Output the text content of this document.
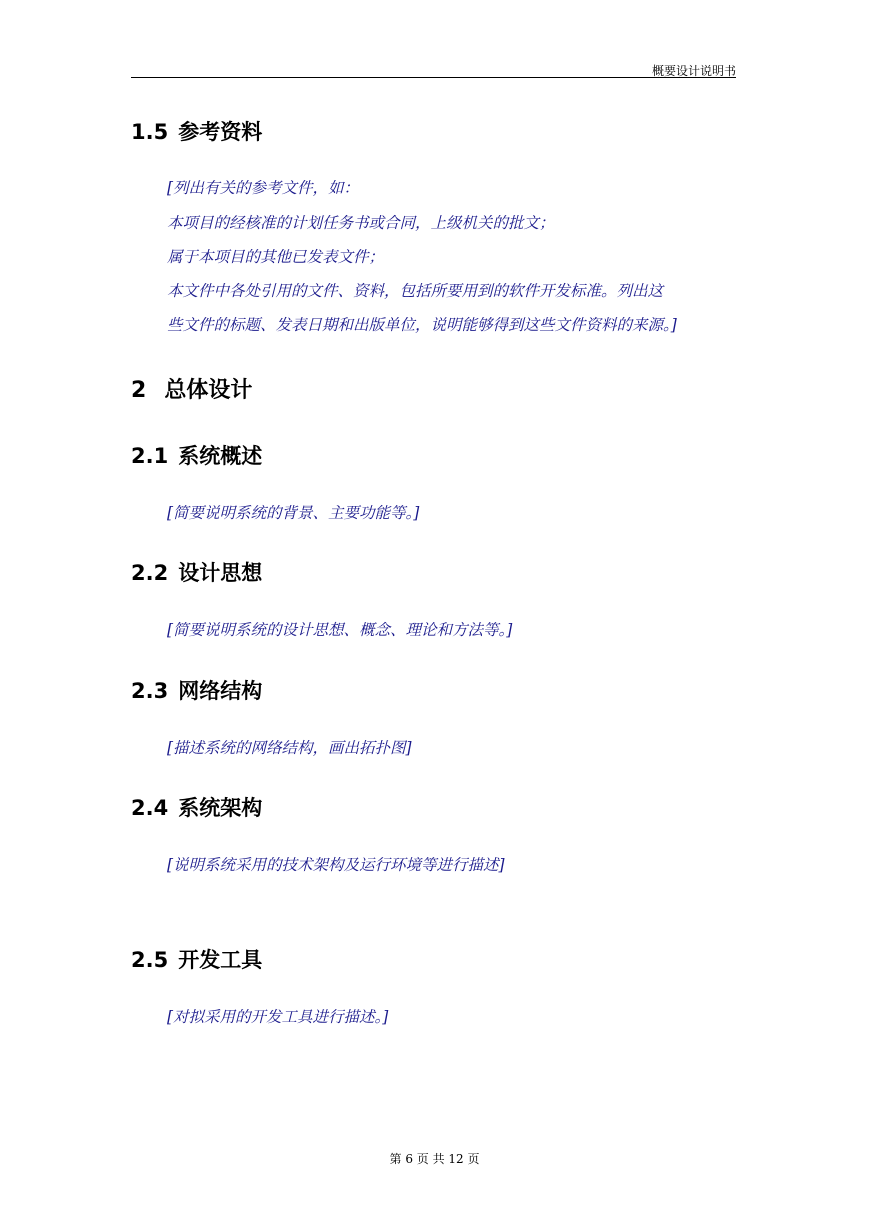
概要设计说明书
1.5 参考资料
[列出有关的参考文件，如：
本项目的经核准的计划任务书或合同，上级机关的批文；
属于本项目的其他已发表文件；
本文件中各处引用的文件、资料，包括所要用到的软件开发标准。列出这
些文件的标题、发表日期和出版单位，说明能够得到这些文件资料的来源。]
2 总体设计
2.1 系统概述
[简要说明系统的背景、主要功能等。]
2.2 设计思想
[简要说明系统的设计思想、概念、理论和方法等。]
2.3 网络结构
[描述系统的网络结构，画出拓扑图]
2.4 系统架构
[说明系统采用的技术架构及运行环境等进行描述]
2.5 开发工具
[对拟采用的开发工具进行描述。]
第 6 页 共 12 页
